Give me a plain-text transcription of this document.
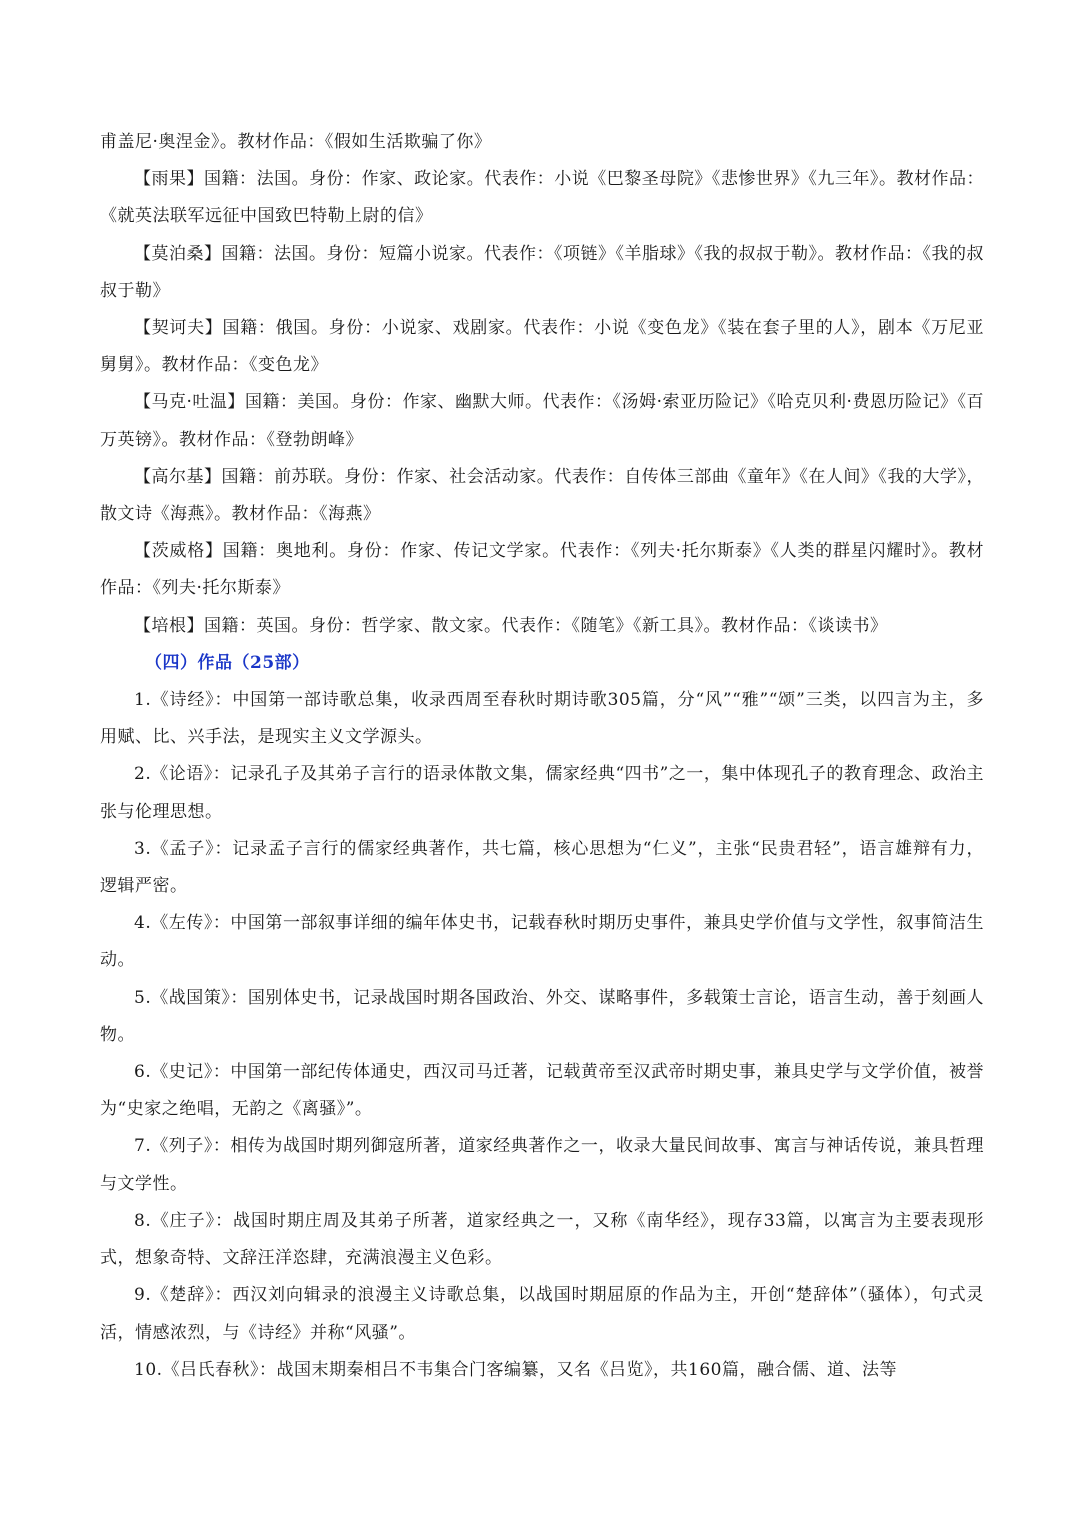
甫盖尼·奥涅金》。教材作品：《假如生活欺骗了你》

【雨果】国籍：法国。身份：作家、政论家。代表作：小说《巴黎圣母院》《悲惨世界》《九三年》。教材作品：《就英法联军远征中国致巴特勒上尉的信》

【莫泊桑】国籍：法国。身份：短篇小说家。代表作：《项链》《羊脂球》《我的叔叔于勒》。教材作品：《我的叔叔于勒》

【契诃夫】国籍：俄国。身份：小说家、戏剧家。代表作：小说《变色龙》《装在套子里的人》，剧本《万尼亚舅舅》。教材作品：《变色龙》

【马克·吐温】国籍：美国。身份：作家、幽默大师。代表作：《汤姆·索亚历险记》《哈克贝利·费恩历险记》《百万英镑》。教材作品：《登勃朗峰》

【高尔基】国籍：前苏联。身份：作家、社会活动家。代表作：自传体三部曲《童年》《在人间》《我的大学》，散文诗《海燕》。教材作品：《海燕》

【茨威格】国籍：奥地利。身份：作家、传记文学家。代表作：《列夫·托尔斯泰》《人类的群星闪耀时》。教材作品：《列夫·托尔斯泰》

【培根】国籍：英国。身份：哲学家、散文家。代表作：《随笔》《新工具》。教材作品：《谈读书》

（四）作品（25部）

1.《诗经》：中国第一部诗歌总集，收录西周至春秋时期诗歌305篇，分“风”“雅”“颂”三类，以四言为主，多用赋、比、兴手法，是现实主义文学源头。

2.《论语》：记录孔子及其弟子言行的语录体散文集，儒家经典“四书”之一，集中体现孔子的教育理念、政治主张与伦理思想。

3.《孟子》：记录孟子言行的儒家经典著作，共七篇，核心思想为“仁义”，主张“民贵君轻”，语言雄辩有力，逻辑严密。

4.《左传》：中国第一部叙事详细的编年体史书，记载春秋时期历史事件，兼具史学价值与文学性，叙事简洁生动。

5.《战国策》：国别体史书，记录战国时期各国政治、外交、谋略事件，多载策士言论，语言生动，善于刻画人物。

6.《史记》：中国第一部纪传体通史，西汉司马迁著，记载黄帝至汉武帝时期史事，兼具史学与文学价值，被誉为“史家之绝唱，无韵之《离骚》”。

7.《列子》：相传为战国时期列御寇所著，道家经典著作之一，收录大量民间故事、寓言与神话传说，兼具哲理与文学性。

8.《庄子》：战国时期庄周及其弟子所著，道家经典之一，又称《南华经》，现存33篇，以寓言为主要表现形式，想象奇特、文辞汪洋恣肆，充满浪漫主义色彩。

9.《楚辞》：西汉刘向辑录的浪漫主义诗歌总集，以战国时期屈原的作品为主，开创“楚辞体”（骚体），句式灵活，情感浓烈，与《诗经》并称“风骚”。

10.《吕氏春秋》：战国末期秦相吕不韦集合门客编纂，又名《吕览》，共160篇，融合儒、道、法等
